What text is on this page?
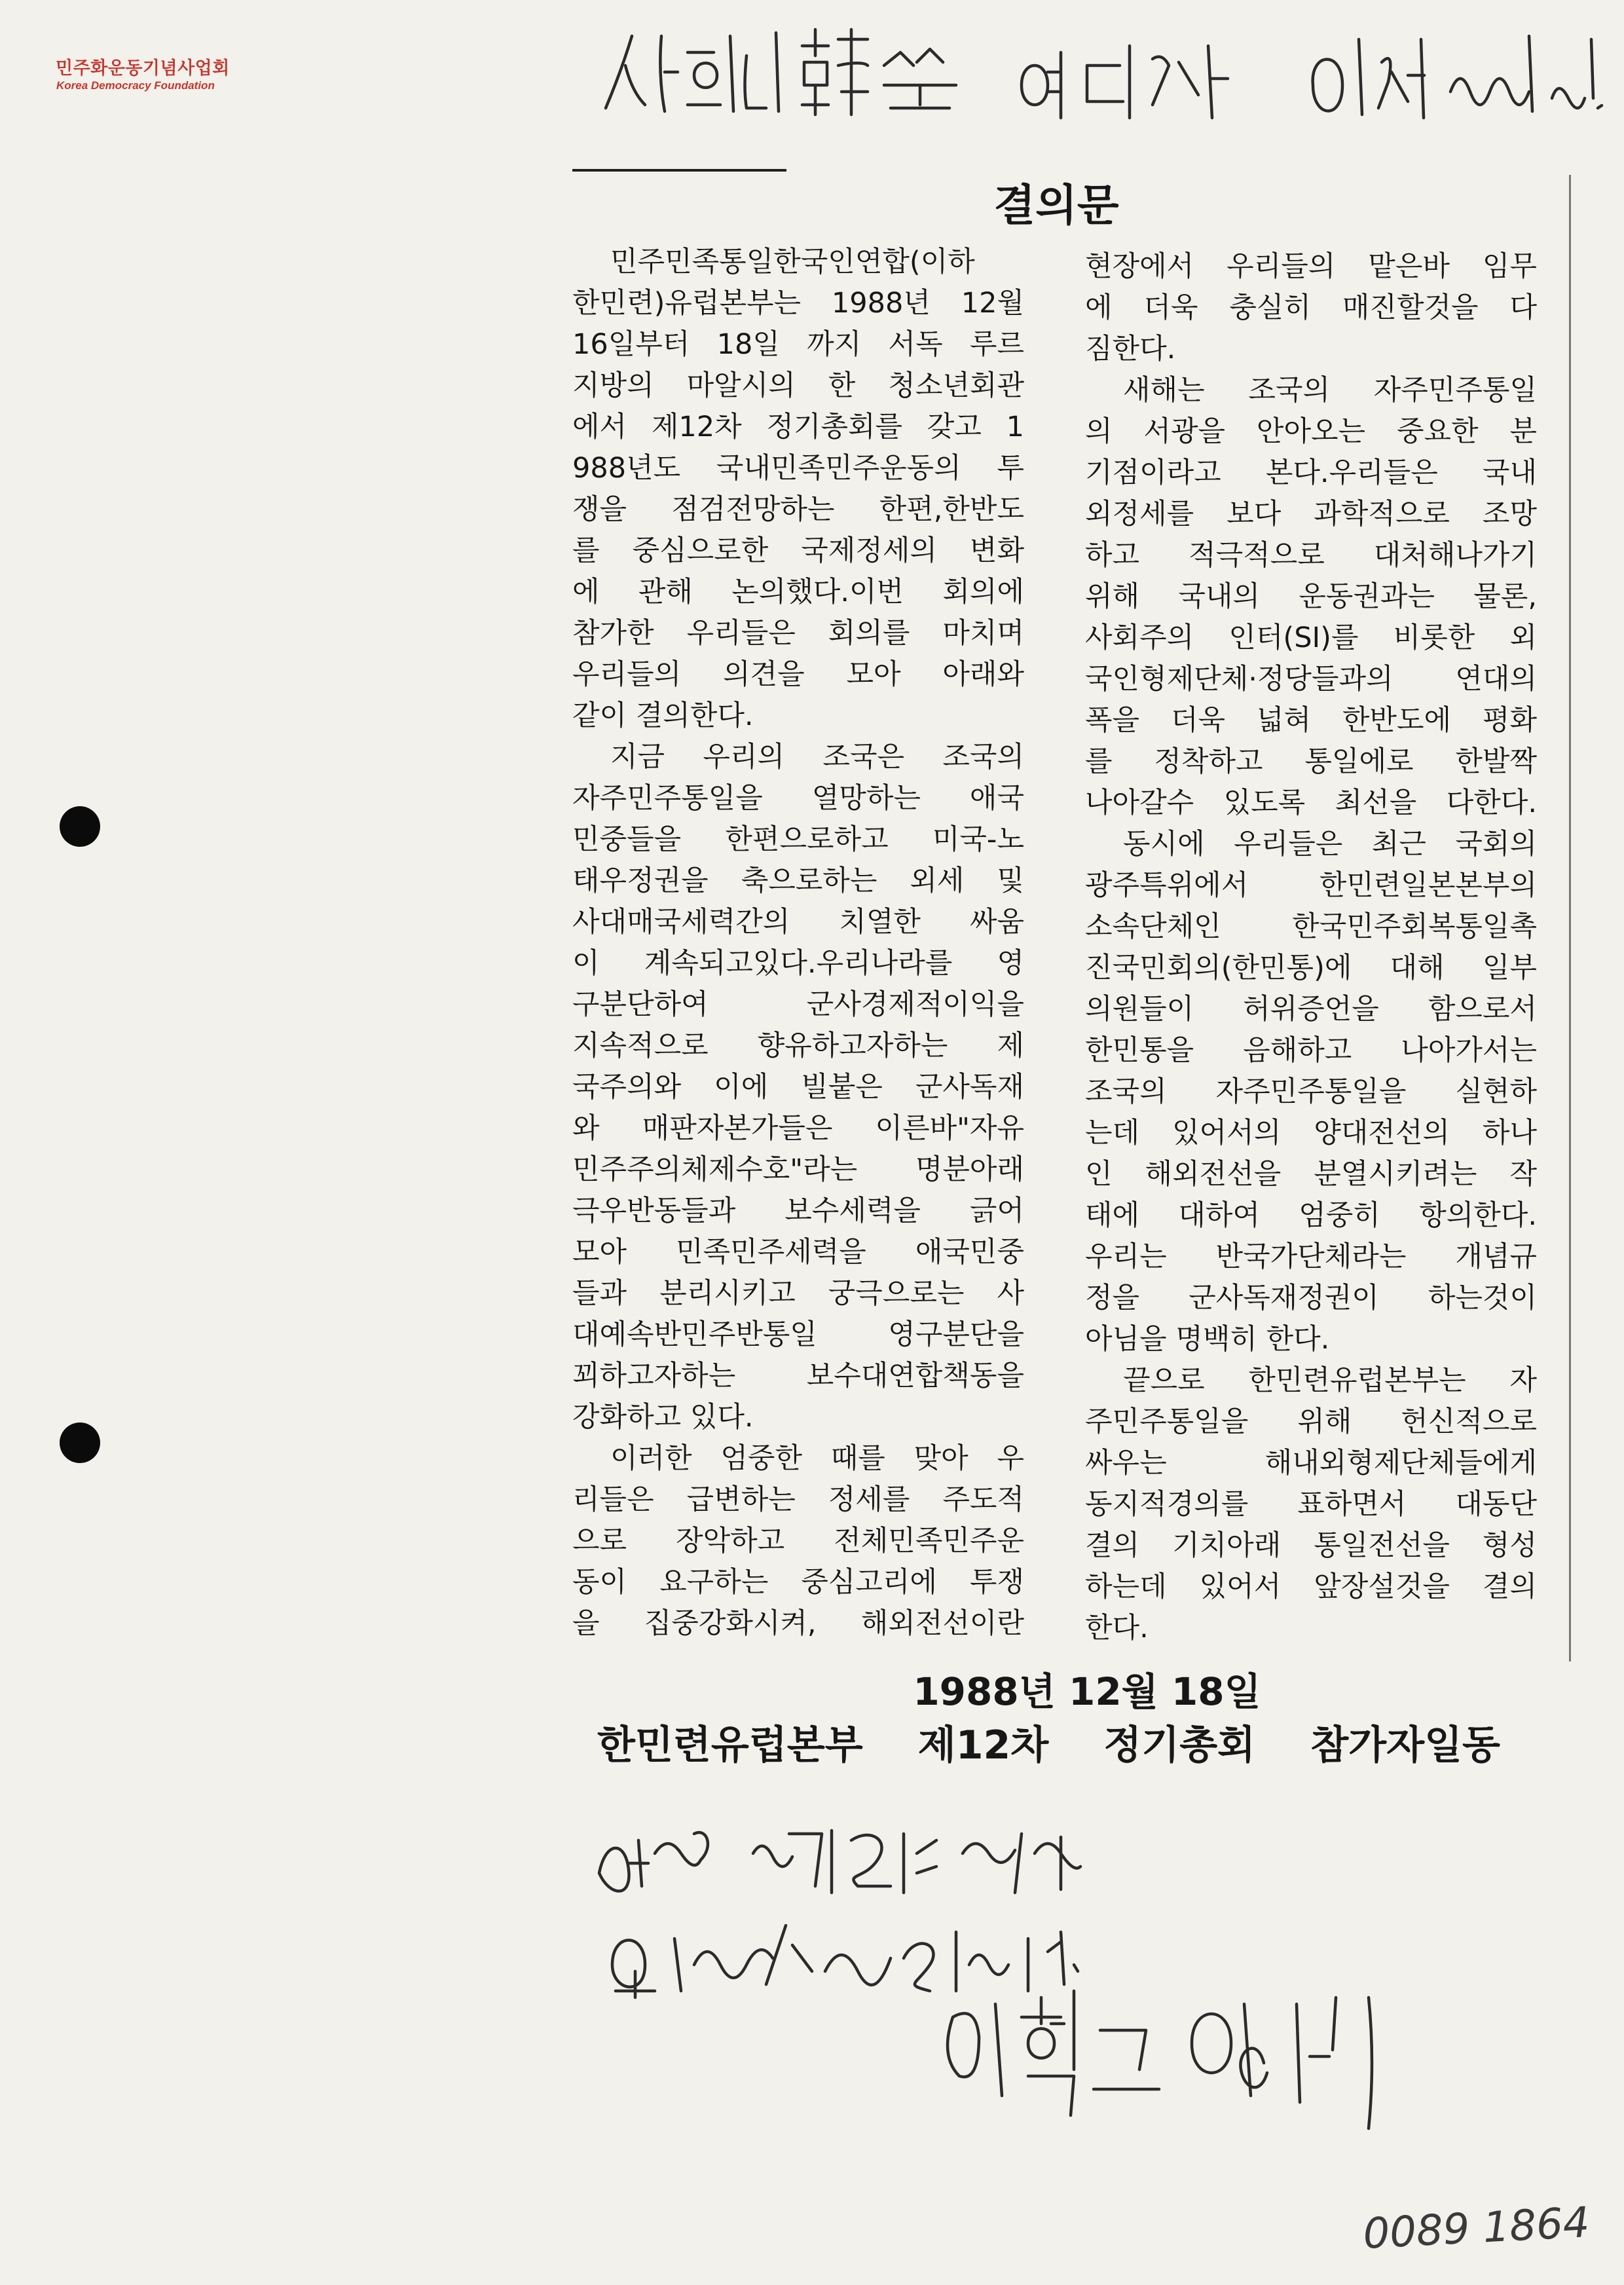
민주화운동기념사업회
Korea Democracy Foundation
결의문
민주민족통일한국인연합(이하
한민련)유럽본부는 1988년 12월
16일부터 18일 까지 서독 루르
지방의 마알시의 한 청소년회관
에서 제12차 정기총회를 갖고 1
988년도 국내민족민주운동의 투
쟁을 점검전망하는 한편,한반도
를 중심으로한 국제정세의 변화
에 관해 논의했다.이번 회의에
참가한 우리들은 회의를 마치며
우리들의 의견을 모아 아래와
같이 결의한다.
지금 우리의 조국은 조국의
자주민주통일을 열망하는 애국
민중들을 한편으로하고 미국-노
태우정권을 축으로하는 외세 및
사대매국세력간의 치열한 싸움
이 계속되고있다.우리나라를 영
구분단하여 군사경제적이익을
지속적으로 향유하고자하는 제
국주의와 이에 빌붙은 군사독재
와 매판자본가들은 이른바"자유
민주주의체제수호"라는 명분아래
극우반동들과 보수세력을 긁어
모아 민족민주세력을 애국민중
들과 분리시키고 궁극으로는 사
대예속반민주반통일 영구분단을
꾀하고자하는 보수대연합책동을
강화하고 있다.
이러한 엄중한 때를 맞아 우
리들은 급변하는 정세를 주도적
으로 장악하고 전체민족민주운
동이 요구하는 중심고리에 투쟁
을 집중강화시켜, 해외전선이란
현장에서 우리들의 맡은바 임무
에 더욱 충실히 매진할것을 다
짐한다.
새해는 조국의 자주민주통일
의 서광을 안아오는 중요한 분
기점이라고 본다.우리들은 국내
외정세를 보다 과학적으로 조망
하고 적극적으로 대처해나가기
위해 국내의 운동권과는 물론,
사회주의 인터(SI)를 비롯한 외
국인형제단체·정당들과의 연대의
폭을 더욱 넓혀 한반도에 평화
를 정착하고 통일에로 한발짝
나아갈수 있도록 최선을 다한다.
동시에 우리들은 최근 국회의
광주특위에서 한민련일본본부의
소속단체인 한국민주회복통일촉
진국민회의(한민통)에 대해 일부
의원들이 허위증언을 함으로서
한민통을 음해하고 나아가서는
조국의 자주민주통일을 실현하
는데 있어서의 양대전선의 하나
인 해외전선을 분열시키려는 작
태에 대하여 엄중히 항의한다.
우리는 반국가단체라는 개념규
정을 군사독재정권이 하는것이
아님을 명백히 한다.
끝으로 한민련유럽본부는 자
주민주통일을 위해 헌신적으로
싸우는 해내외형제단체들에게
동지적경의를 표하면서 대동단
결의 기치아래 통일전선을 형성
하는데 있어서 앞장설것을 결의
한다.
1988년 12월 18일
한민련유럽본부 제12차 정기총회 참가자일동
0089 1864
